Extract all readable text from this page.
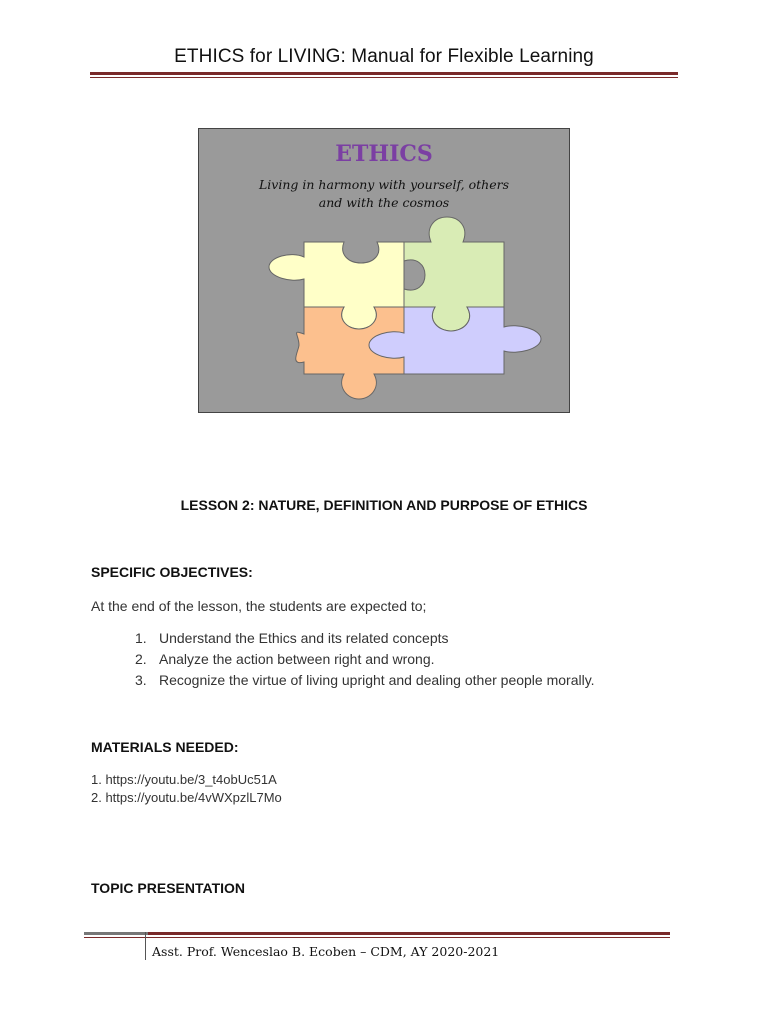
ETHICS for LIVING: Manual for Flexible Learning
ETHICS
Living in harmony with yourself, others
and with the cosmos
LESSON 2: NATURE, DEFINITION AND PURPOSE OF ETHICS
SPECIFIC OBJECTIVES:
At the end of the lesson, the students are expected to;
1. Understand the Ethics and its related concepts
2. Analyze the action between right and wrong.
3. Recognize the virtue of living upright and dealing other people morally.
MATERIALS NEEDED:
1. https://youtu.be/3_t4obUc51A
2. https://youtu.be/4vWXpzlL7Mo
TOPIC PRESENTATION
Asst. Prof. Wenceslao B. Ecoben – CDM, AY 2020-2021
